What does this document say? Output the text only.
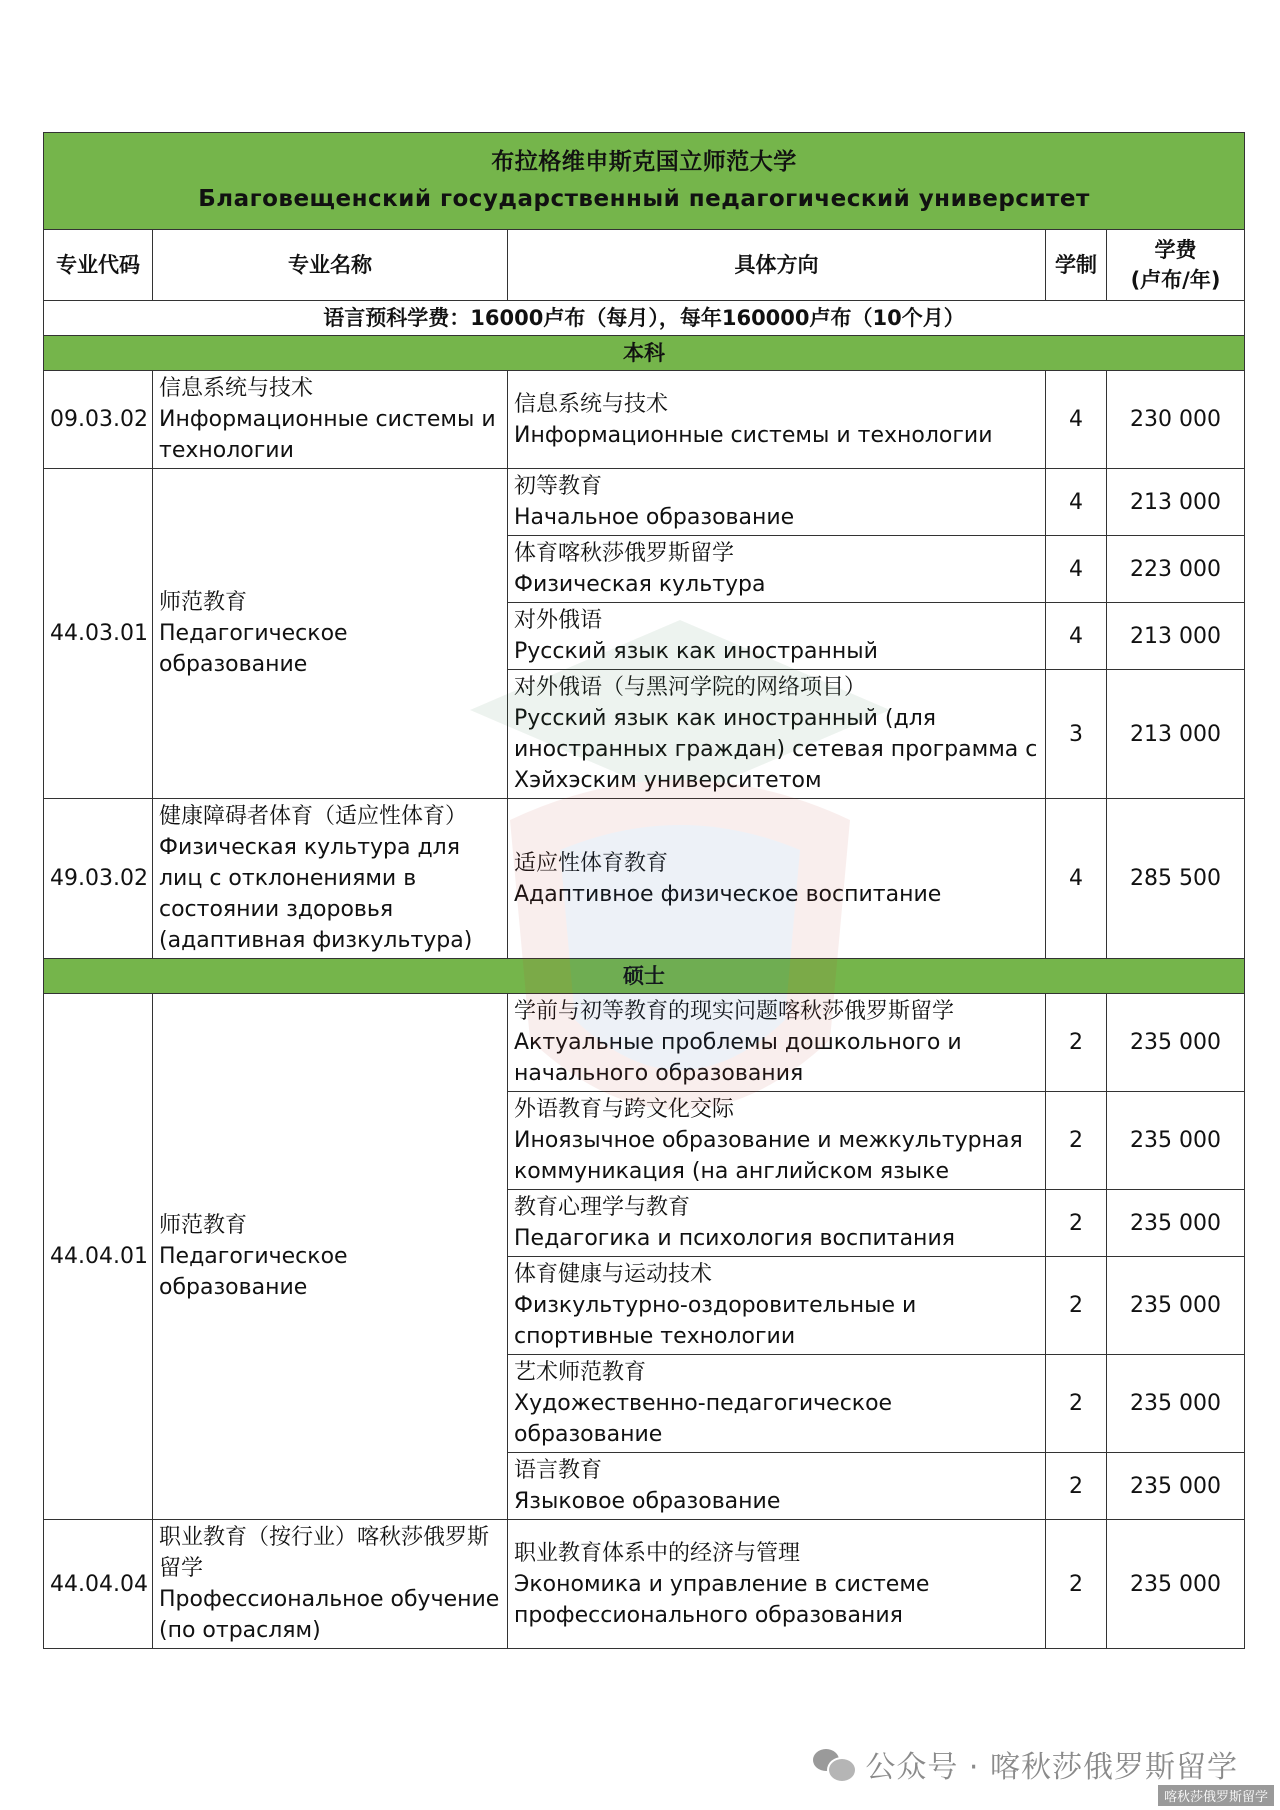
布拉格维申斯克国立师范大学
Благовещенский государственный педагогический университет				

专业代码	专业名称	具体方向	学制	学费
(卢布/年)

语言预科学费：16000卢布（每月），每年160000卢布（10个月）				
本科				
09.03.02	信息系统与技术
Информационные системы и технологии	信息系统与技术
Информационные системы и технологии	4	230 000
44.03.01	师范教育
Педагогическое образование	初等教育
Начальное образование	4	213 000

		体育喀秋莎俄罗斯留学
Физическая культура	4	223 000

		对外俄语
Русский язык как иностранный	4	213 000

		对外俄语（与黑河学院的网络项目）
Русский язык как иностранный (для иностранных граждан) сетевая программа с Хэйхэским университетом	3	213 000
49.03.02	健康障碍者体育（适应性体育）
Физическая культура для лиц с отклонениями в состоянии здоровья (адаптивная физкультура)	适应性体育教育
Адаптивное физическое воспитание	4	285 500
硕士				
44.04.01	师范教育
Педагогическое образование	学前与初等教育的现实问题喀秋莎俄罗斯留学
Актуальные проблемы дошкольного и начального образования	2	235 000

		外语教育与跨文化交际
Иноязычное образование и межкультурная коммуникация (на английском языке	2	235 000

		教育心理学与教育
Педагогика и психология воспитания	2	235 000

		体育健康与运动技术
Физкультурно-оздоровительные и спортивные технологии	2	235 000

		艺术师范教育
Художественно-педагогическое образование	2	235 000

		语言教育
Языковое образование	2	235 000
44.04.04	职业教育（按行业）喀秋莎俄罗斯留学
Профессиональное обучение (по отраслям)	职业教育体系中的经济与管理
Экономика и управление в системе профессионального образования	2	235 000
公众号 · 喀秋莎俄罗斯留学
喀秋莎俄罗斯留学
